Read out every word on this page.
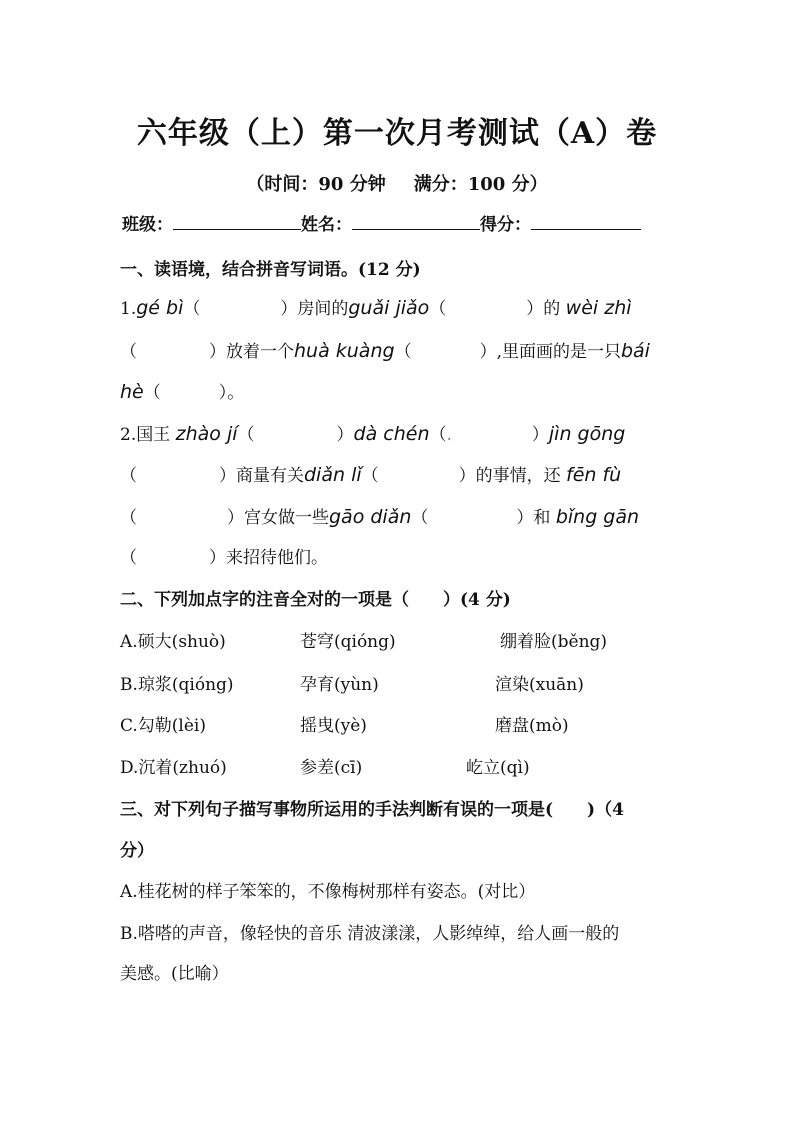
六年级（上）第一次月考测试（A）卷
（时间：90 分钟 满分：100 分）
班级：	姓名：	得分：
一、读语境，结合拼音写词语。(12 分)
1.gé bì（	）房间的guǎi jiǎo（	）的 wèi zhì
（	）放着一个huà kuàng（	）,里面画的是一只bái
hè（	）。
2.国王 zhào jí（	）dà chén（.	）jìn gōng
（	）商量有关diǎn lǐ（	）的事情，还 fēn fù
（	）宫女做一些gāo diǎn（	）和 bǐng gān
（	）来招待他们。
二、下列加点字的注音全对的一项是（　　）(4 分)
A.硕大(shuò)	苍穹(qióng)	绷着脸(běng)
B.琼浆(qióng)	孕育(yùn)	渲染(xuān)
C.勾勒(lèi)	摇曳(yè)	磨盘(mò)
D.沉着(zhuó)	参差(cī)	屹立(qì)
三、对下列句子描写事物所运用的手法判断有误的一项是(　　)（4
分）
A.桂花树的样子笨笨的，不像梅树那样有姿态。(对比）
B.嗒嗒的声音，像轻快的音乐 清波漾漾，人影绰绰，给人画一般的
美感。(比喻）
